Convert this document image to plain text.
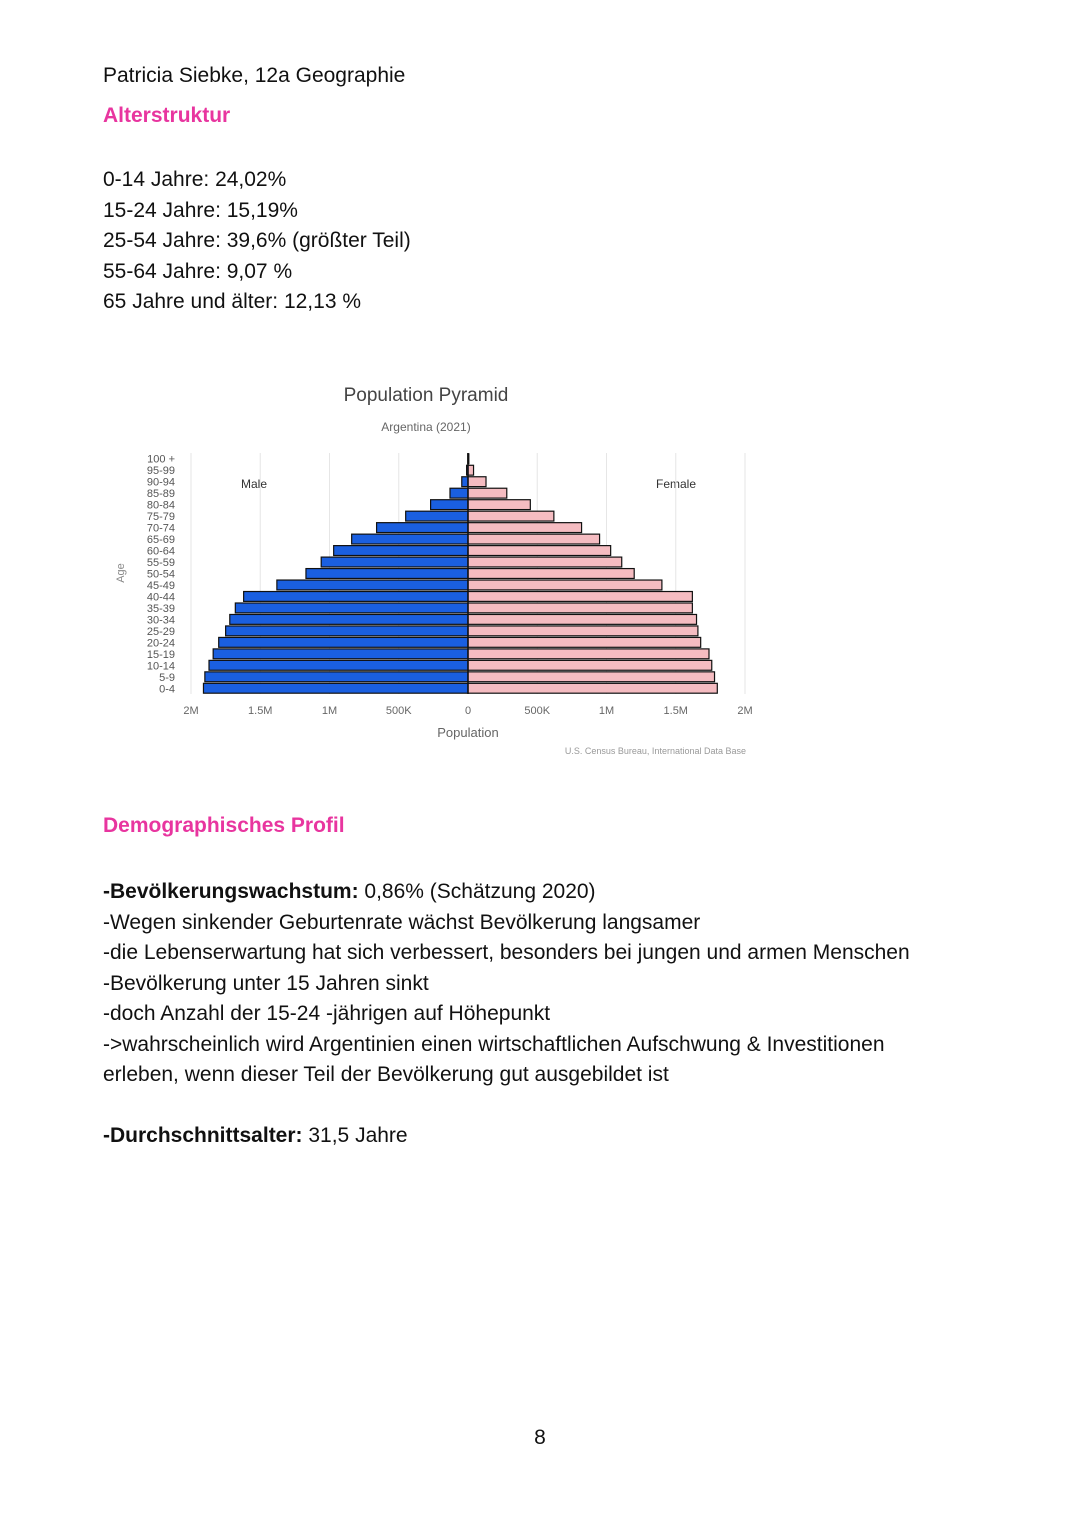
Patricia Siebke, 12a Geographie
Alterstruktur
0-14 Jahre: 24,02%
15-24 Jahre: 15,19%
25-54 Jahre: 39,6% (größter Teil)
55-64 Jahre: 9,07 %
65 Jahre und älter: 12,13 %
Population Pyramid
Argentina (2021)
Age
Population
Male	Female
U.S. Census Bureau, International Data Base
0-4
5-9
10-14
15-19
20-24
25-29
30-34
35-39
40-44
45-49
50-54
55-59
60-64
65-69
70-74
75-79
80-84
85-89
90-94
95-99
100 +
2M	1.5M	1M	500K	0	500K	1M	1.5M	2M
Demographisches Profil
-Bevölkerungswachstum: 0,86% (Schätzung 2020)
-Wegen sinkender Geburtenrate wächst Bevölkerung langsamer
-die Lebenserwartung hat sich verbessert, besonders bei jungen und armen Menschen
-Bevölkerung unter 15 Jahren sinkt
-doch Anzahl der 15-24 -jährigen auf Höhepunkt
->wahrscheinlich wird Argentinien einen wirtschaftlichen Aufschwung & Investitionen
erleben, wenn dieser Teil der Bevölkerung gut ausgebildet ist
-Durchschnittsalter: 31,5 Jahre
8
